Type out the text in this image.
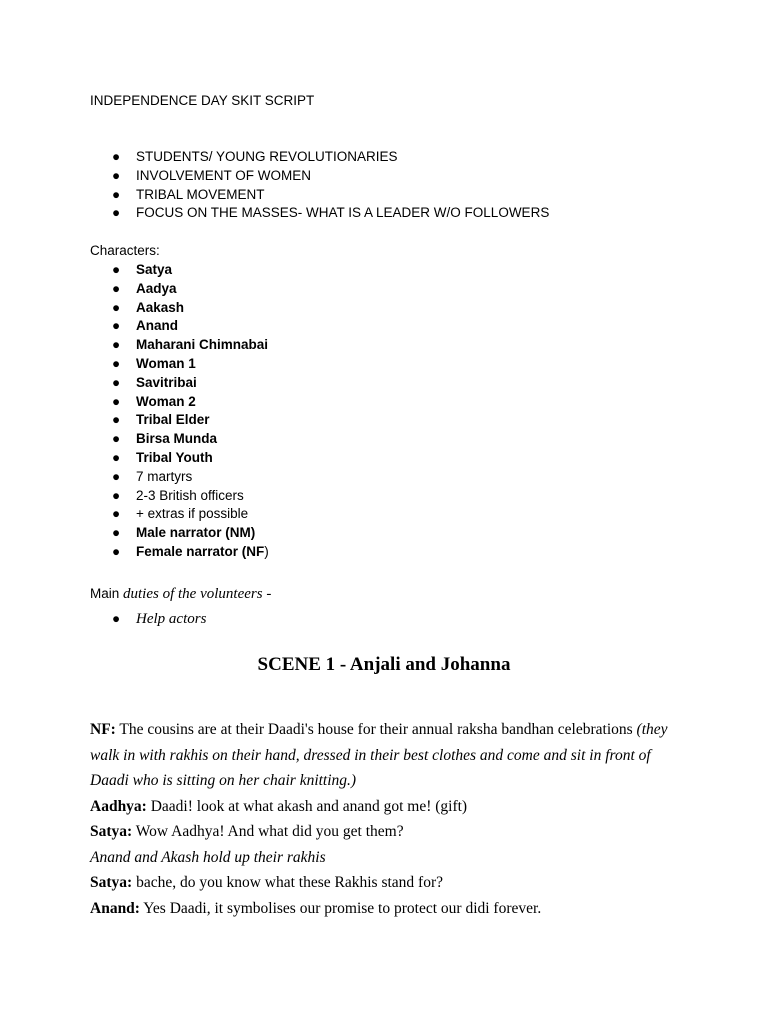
INDEPENDENCE DAY SKIT SCRIPT
● STUDENTS/ YOUNG REVOLUTIONARIES
● INVOLVEMENT OF WOMEN
● TRIBAL MOVEMENT
● FOCUS ON THE MASSES- WHAT IS A LEADER W/O FOLLOWERS
Characters:
● Satya
● Aadya
● Aakash
● Anand
● Maharani Chimnabai
● Woman 1
● Savitribai
● Woman 2
● Tribal Elder
● Birsa Munda
● Tribal Youth
● 7 martyrs
● 2-3 British officers
● + extras if possible
● Male narrator (NM)
● Female narrator (NF)
Main duties of the volunteers -
● Help actors
SCENE 1 - Anjali and Johanna

NF: The cousins are at their Daadi's house for their annual raksha bandhan celebrations (they walk in with rakhis on their hand, dressed in their best clothes and come and sit in front of Daadi who is sitting on her chair knitting.)

Aadhya: Daadi! look at what akash and anand got me! (gift)

Satya: Wow Aadhya! And what did you get them?

Anand and Akash hold up their rakhis

Satya: bache, do you know what these Rakhis stand for?

Anand: Yes Daadi, it symbolises our promise to protect our didi forever.
